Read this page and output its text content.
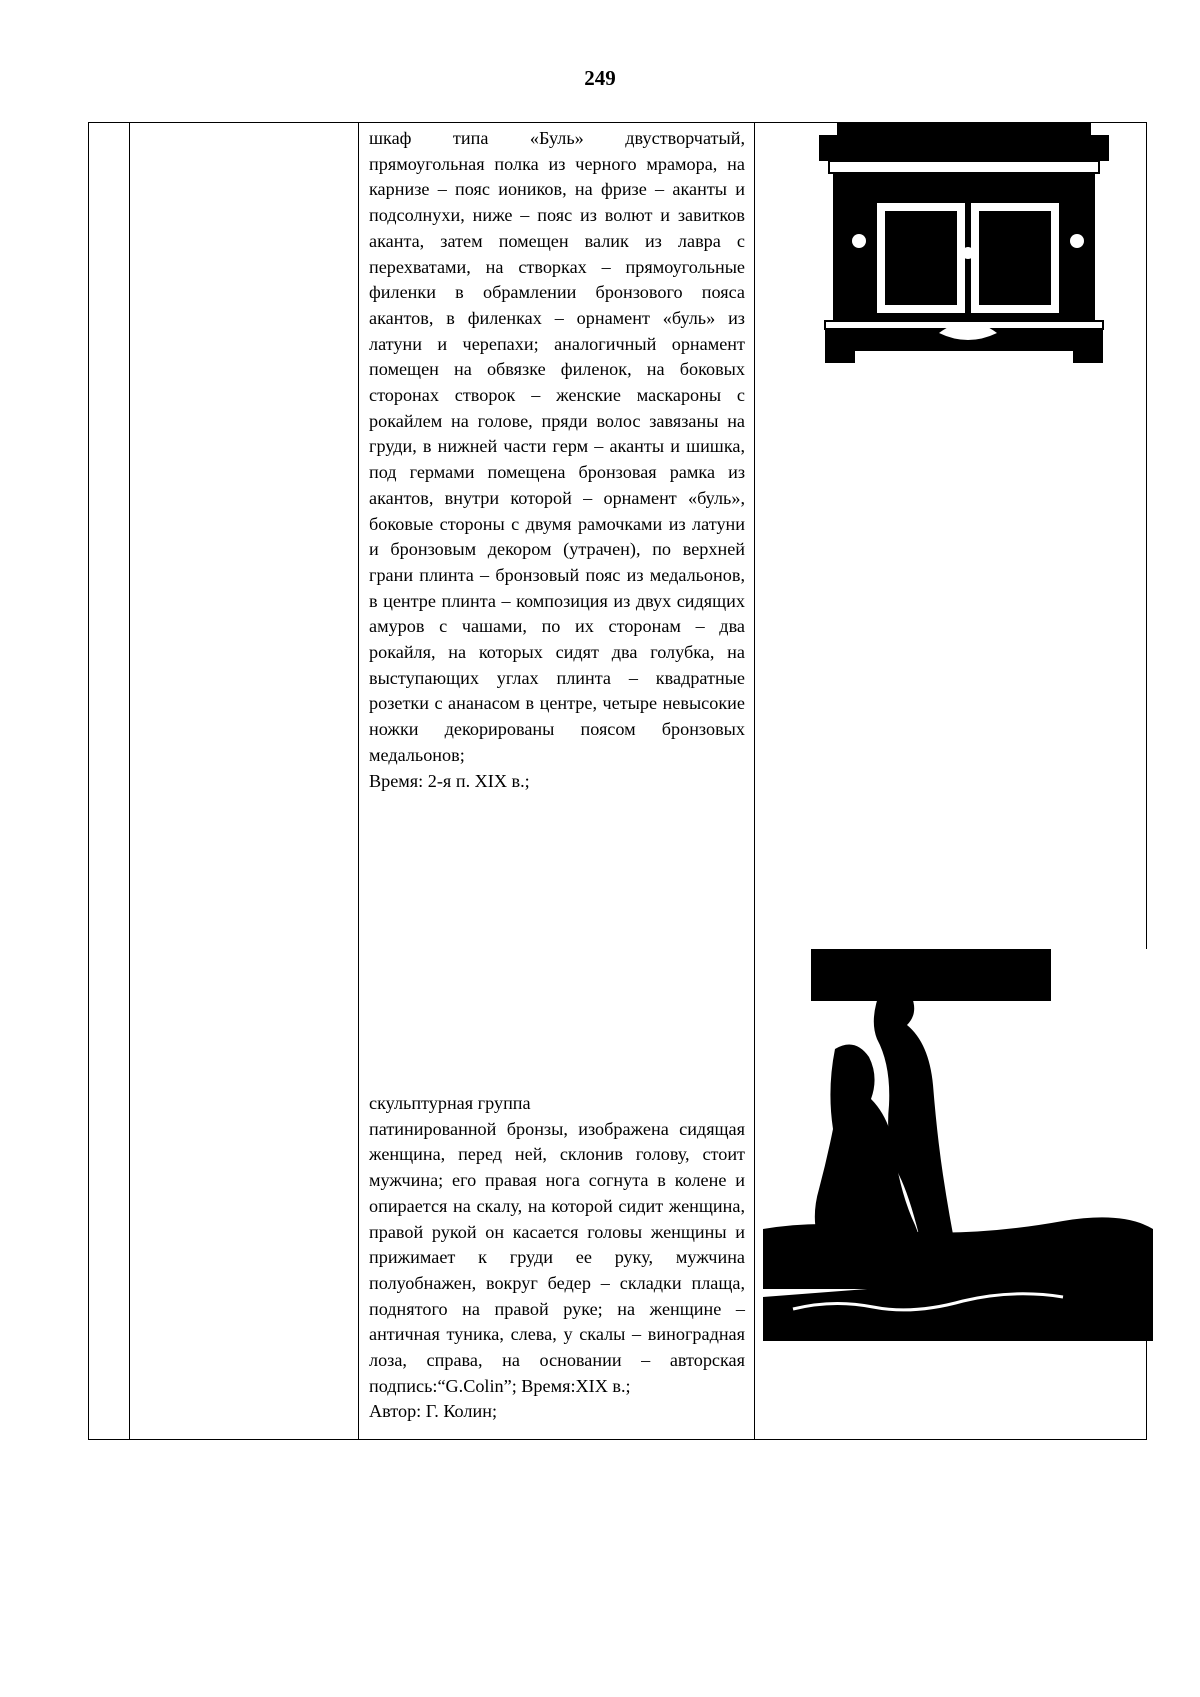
249

шкаф типа «Буль» двустворчатый, прямоугольная полка из черного мрамора, на карнизе – пояс иоников, на фризе – аканты и подсолнухи, ниже – пояс из волют и завитков аканта, затем помещен валик из лавра с перехватами, на створках – прямоугольные филенки в обрамлении бронзового пояса акантов, в филенках – орнамент «буль» из латуни и черепахи; аналогичный орнамент помещен на обвязке филенок, на боковых сторонах створок – женские маскароны с рокайлем на голове, пряди волос завязаны на груди, в нижней части герм – аканты и шишка, под гермами помещена бронзовая рамка из акантов, внутри которой – орнамент «буль», боковые стороны с двумя рамочками из латуни и бронзовым декором (утрачен), по верхней грани плинта – бронзовый пояс из медальонов, в центре плинта – композиция из двух сидящих амуров с чашами, по их сторонам – два рокайля, на которых сидят два голубка, на выступающих углах плинта – квадратные розетки с ананасом в центре, четыре невысокие ножки декорированы поясом бронзовых медальонов;

Время: 2-я п. XIX в.;

скульптурная группа

патинированной бронзы, изображена сидящая женщина, перед ней, склонив голову, стоит мужчина; его правая нога согнута в колене и опирается на скалу, на которой сидит женщина, правой рукой он касается головы женщины и прижимает к груди ее руку, мужчина полуобнажен, вокруг бедер – складки плаща, поднятого на правой руке; на женщине – античная туника, слева, у скалы – виноградная лоза, справа, на основании – авторская подпись:“G.Colin”; Время:XIX в.;

Автор: Г. Колин;
